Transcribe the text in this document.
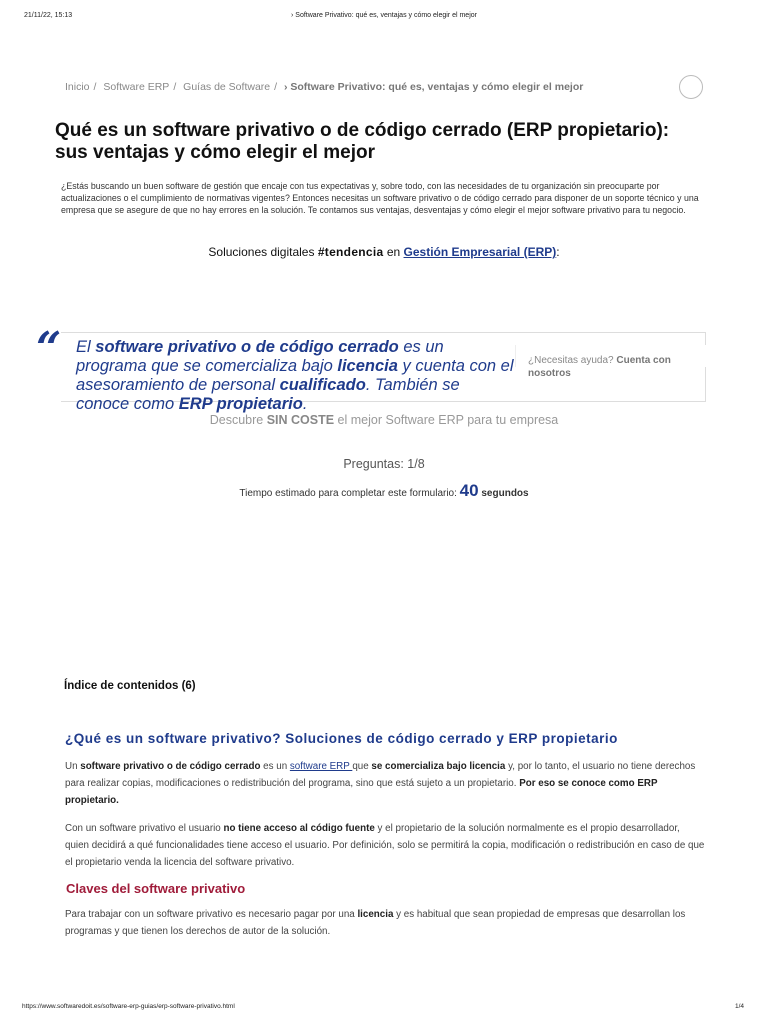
21/11/22, 15:13	› Software Privativo: qué es, ventajas y cómo elegir el mejor
Inicio / Software ERP / Guías de Software / › Software Privativo: qué es, ventajas y cómo elegir el mejor
Qué es un software privativo o de código cerrado (ERP propietario): sus ventajas y cómo elegir el mejor

¿Estás buscando un buen software de gestión que encaje con tus expectativas y, sobre todo, con las necesidades de tu organización sin preocuparte por actualizaciones o el cumplimiento de normativas vigentes? Entonces necesitas un software privativo o de código cerrado para disponer de un soporte técnico y una empresa que se asegure de que no hay errores en la solución. Te contamos sus ventajas, desventajas y cómo elegir el mejor software privativo para tu negocio.

Soluciones digitales #tendencia en Gestión Empresarial (ERP):
“ El software privativo o de código cerrado es un programa que se comercializa bajo licencia y cuenta con el asesoramiento de personal cualificado. También se conoce como ERP propietario.
¿Necesitas ayuda? Cuenta con nosotros
Descubre SIN COSTE el mejor Software ERP para tu empresa
Preguntas: 1/8
Tiempo estimado para completar este formulario: 40 segundos
Índice de contenidos (6)
¿Qué es un software privativo? Soluciones de código cerrado y ERP propietario

Un software privativo o de código cerrado es un software ERP que se comercializa bajo licencia y, por lo tanto, el usuario no tiene derechos para realizar copias, modificaciones o redistribución del programa, sino que está sujeto a un propietario. Por eso se conoce como ERP propietario.

Con un software privativo el usuario no tiene acceso al código fuente y el propietario de la solución normalmente es el propio desarrollador, quien decidirá a qué funcionalidades tiene acceso el usuario. Por definición, solo se permitirá la copia, modificación o redistribución en caso de que el propietario venda la licencia del software privativo.

Claves del software privativo

Para trabajar con un software privativo es necesario pagar por una licencia y es habitual que sean propiedad de empresas que desarrollan los programas y que tienen los derechos de autor de la solución.

https://www.softwaredoit.es/software-erp-guias/erp-software-privativo.html	1/4
